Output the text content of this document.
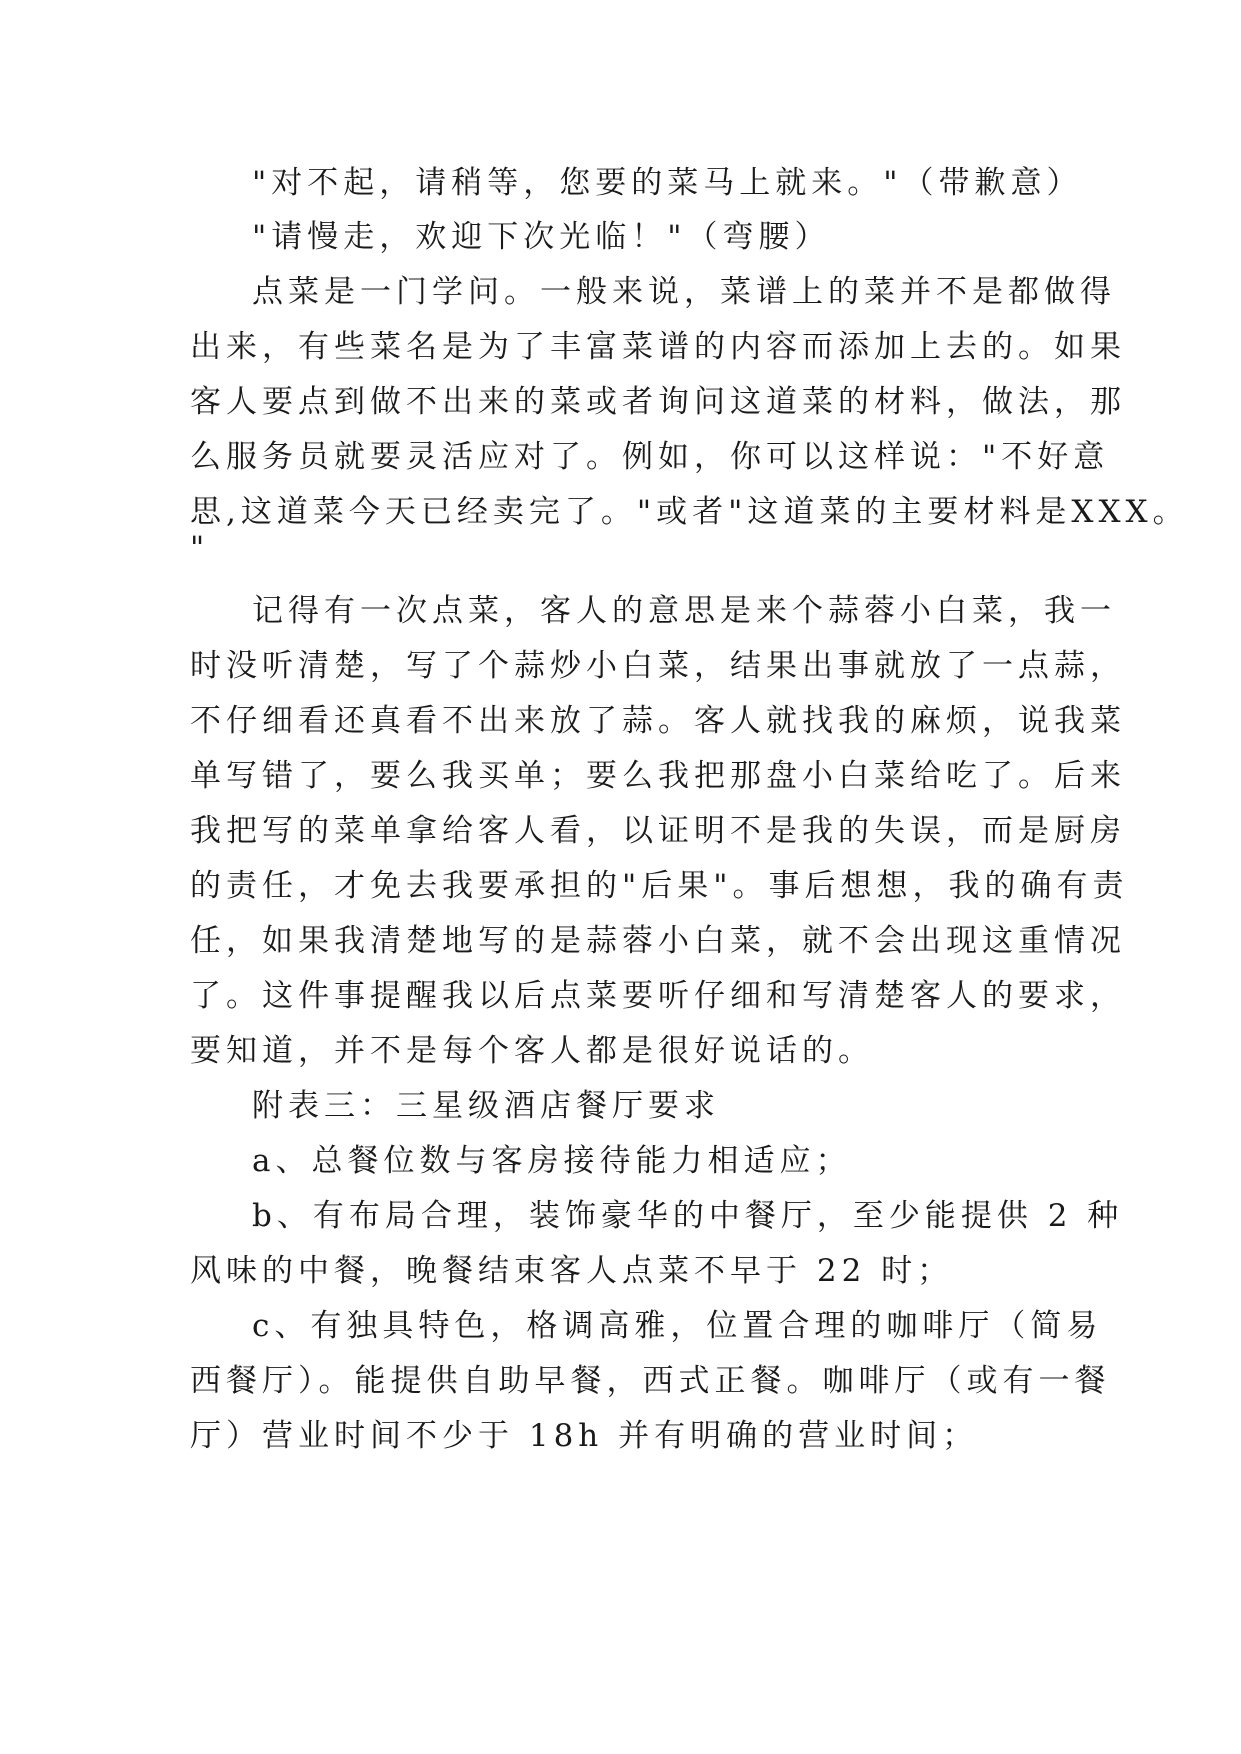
"对不起，请稍等，您要的菜马上就来。"（带歉意）

"请慢走，欢迎下次光临！"（弯腰）

点菜是一门学问。一般来说，菜谱上的菜并不是都做得

出来，有些菜名是为了丰富菜谱的内容而添加上去的。如果

客人要点到做不出来的菜或者询问这道菜的材料，做法，那

么服务员就要灵活应对了。例如，你可以这样说："不好意

思,这道菜今天已经卖完了。"或者"这道菜的主要材料是XXX。

"

记得有一次点菜，客人的意思是来个蒜蓉小白菜，我一

时没听清楚，写了个蒜炒小白菜，结果出事就放了一点蒜，

不仔细看还真看不出来放了蒜。客人就找我的麻烦，说我菜

单写错了，要么我买单；要么我把那盘小白菜给吃了。后来

我把写的菜单拿给客人看，以证明不是我的失误，而是厨房

的责任，才免去我要承担的"后果"。事后想想，我的确有责

任，如果我清楚地写的是蒜蓉小白菜，就不会出现这重情况

了。这件事提醒我以后点菜要听仔细和写清楚客人的要求，

要知道，并不是每个客人都是很好说话的。

附表三：三星级酒店餐厅要求

a、总餐位数与客房接待能力相适应；

b、有布局合理，装饰豪华的中餐厅，至少能提供 2 种

风味的中餐，晚餐结束客人点菜不早于 22 时；

c、有独具特色，格调高雅，位置合理的咖啡厅（简易

西餐厅）。能提供自助早餐，西式正餐。咖啡厅（或有一餐

厅）营业时间不少于 18h 并有明确的营业时间；
